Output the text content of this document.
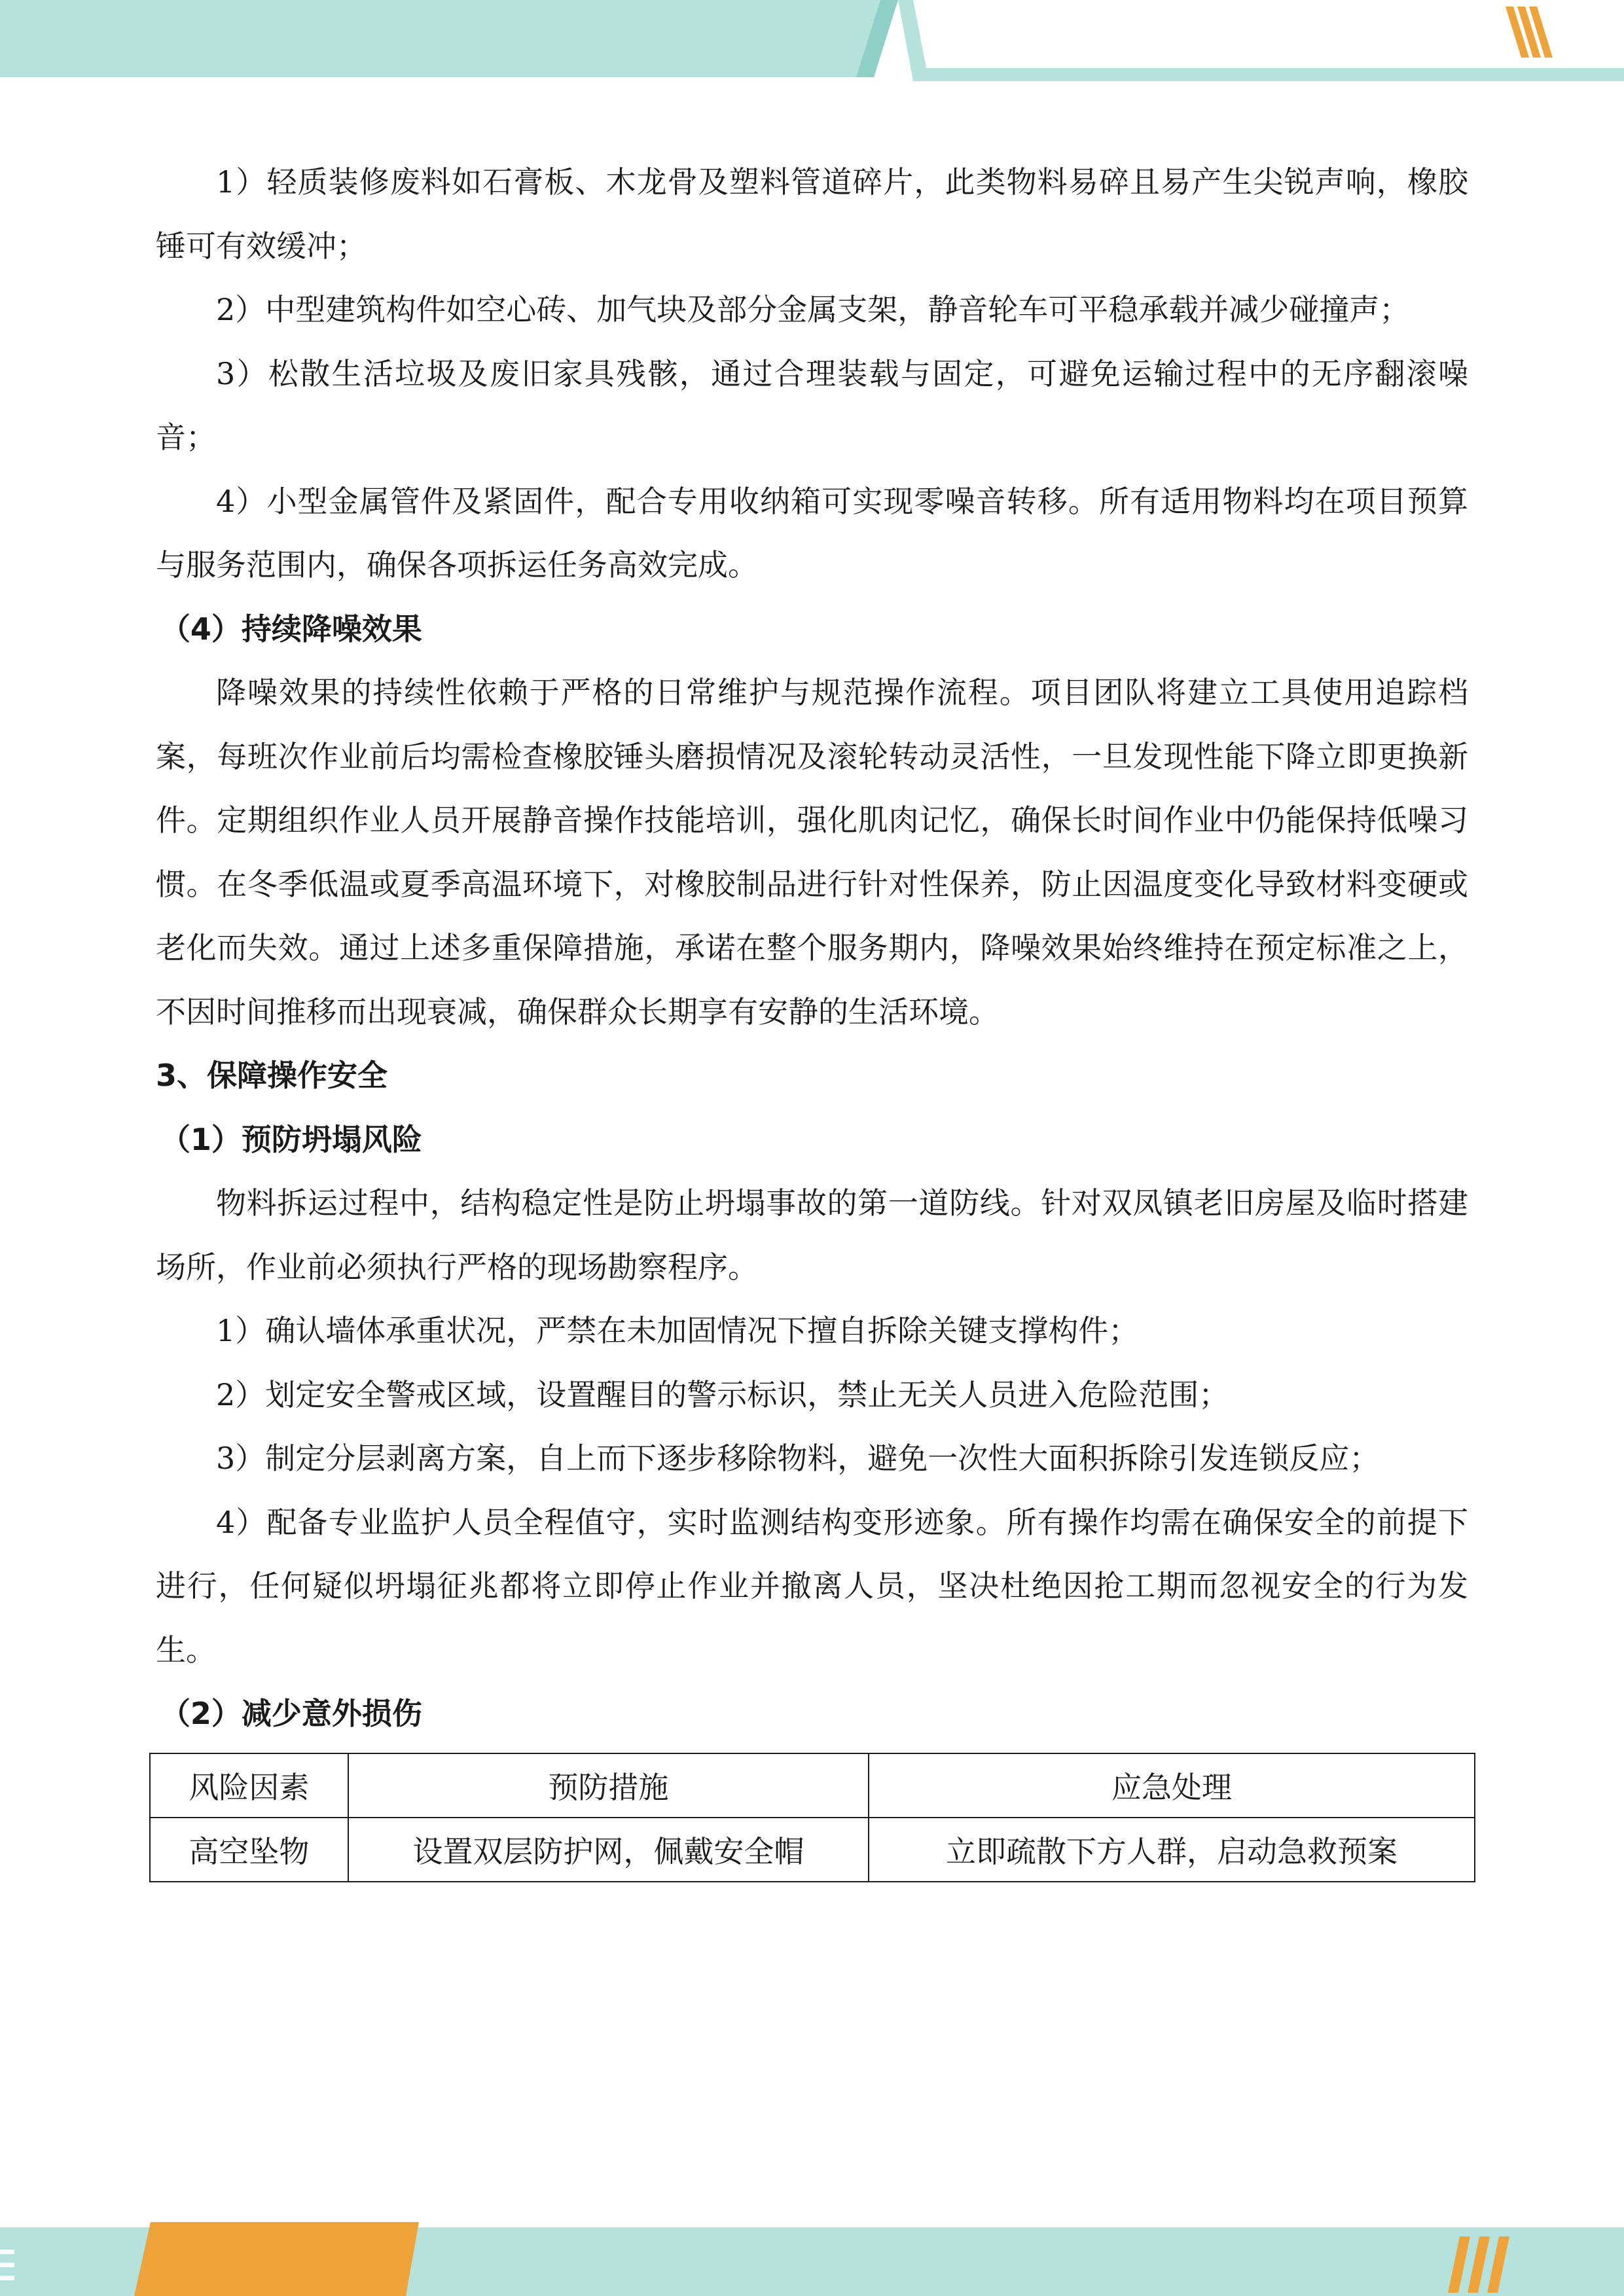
1）轻质装修废料如石膏板、木龙骨及塑料管道碎片，此类物料易碎且易产生尖锐声响，橡胶锤可有效缓冲；

2）中型建筑构件如空心砖、加气块及部分金属支架，静音轮车可平稳承载并减少碰撞声；

3）松散生活垃圾及废旧家具残骸，通过合理装载与固定，可避免运输过程中的无序翻滚噪音；

4）小型金属管件及紧固件，配合专用收纳箱可实现零噪音转移。所有适用物料均在项目预算与服务范围内，确保各项拆运任务高效完成。

（4）持续降噪效果

降噪效果的持续性依赖于严格的日常维护与规范操作流程。项目团队将建立工具使用追踪档案，每班次作业前后均需检查橡胶锤头磨损情况及滚轮转动灵活性，一旦发现性能下降立即更换新件。定期组织作业人员开展静音操作技能培训，强化肌肉记忆，确保长时间作业中仍能保持低噪习惯。在冬季低温或夏季高温环境下，对橡胶制品进行针对性保养，防止因温度变化导致材料变硬或老化而失效。通过上述多重保障措施，承诺在整个服务期内，降噪效果始终维持在预定标准之上，不因时间推移而出现衰减，确保群众长期享有安静的生活环境。

3、保障操作安全

（1）预防坍塌风险

物料拆运过程中，结构稳定性是防止坍塌事故的第一道防线。针对双凤镇老旧房屋及临时搭建场所，作业前必须执行严格的现场勘察程序。

1）确认墙体承重状况，严禁在未加固情况下擅自拆除关键支撑构件；

2）划定安全警戒区域，设置醒目的警示标识，禁止无关人员进入危险范围；

3）制定分层剥离方案，自上而下逐步移除物料，避免一次性大面积拆除引发连锁反应；

4）配备专业监护人员全程值守，实时监测结构变形迹象。所有操作均需在确保安全的前提下进行，任何疑似坍塌征兆都将立即停止作业并撤离人员，坚决杜绝因抢工期而忽视安全的行为发生。

（2）减少意外损伤

风险因素	预防措施	应急处理
高空坠物	设置双层防护网，佩戴安全帽	立即疏散下方人群，启动急救预案
